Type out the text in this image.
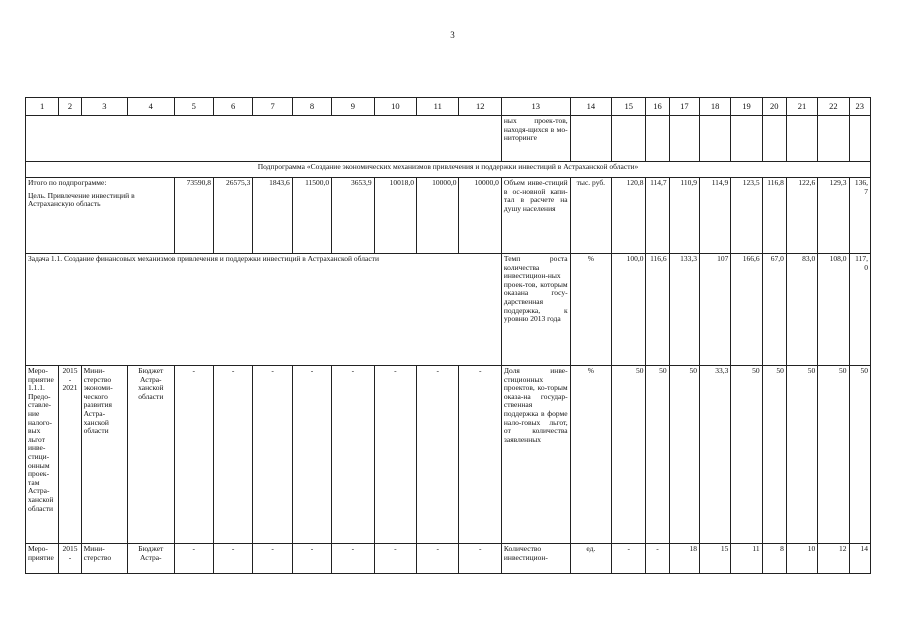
3
1	2	3	4	5	6	7	8	9	10	11	12	13	14	15	16	17	18	19	20	21	22	23
												ных проек-тов, находя-щихся в мо-ниторинге										
Подпрограмма «Создание экономических механизмов привлечения и поддержки инвестиций в Астраханской области»																						

Итого по подпрограмме:
Цель. Привлечение инвестиций в Астраханскую область				73590,8	26575,3	1843,6	11500,0	3653,9	10018,0	10000,0	10000,0	Объем инве-стиций в ос-новной капи-тал в расчете на душу населения	тыс. руб.	120,8	114,7	110,9	114,9	123,5	116,8	122,6	129,3	136,7
Задача 1.1. Создание финансовых механизмов привлечения и поддержки инвестиций в Астраханской области												Темп роста количества инвестицион-ных проек-тов, которым оказана госу-дарственная поддержка, к уровню 2013 года	%	100,0	116,6	133,3	107	166,6	67,0	83,0	108,0	117,0
Меро-приятие 1.1.1. Предо-ставле-ние налого-вых льгот инве-стици-онным проек-там Астра-ханской области	2015 - 2021	Мини-стерство экономи-ческого развития Астра-ханской области	Бюджет Астра-ханской области	-	-	-	-	-	-	-	-	Доля инве-стиционных проектов, ко-торым оказа-на государ-ственная поддержка в форме нало-говых льгот, от количества заявленных	%	50	50	50	33,3	50	50	50	50	50
Меро-приятие	2015 -	Мини-стерство	Бюджет Астра-	-	-	-	-	-	-	-	-	Количество инвестицион-	ед.	-	-	18	15	11	8	10	12	14
